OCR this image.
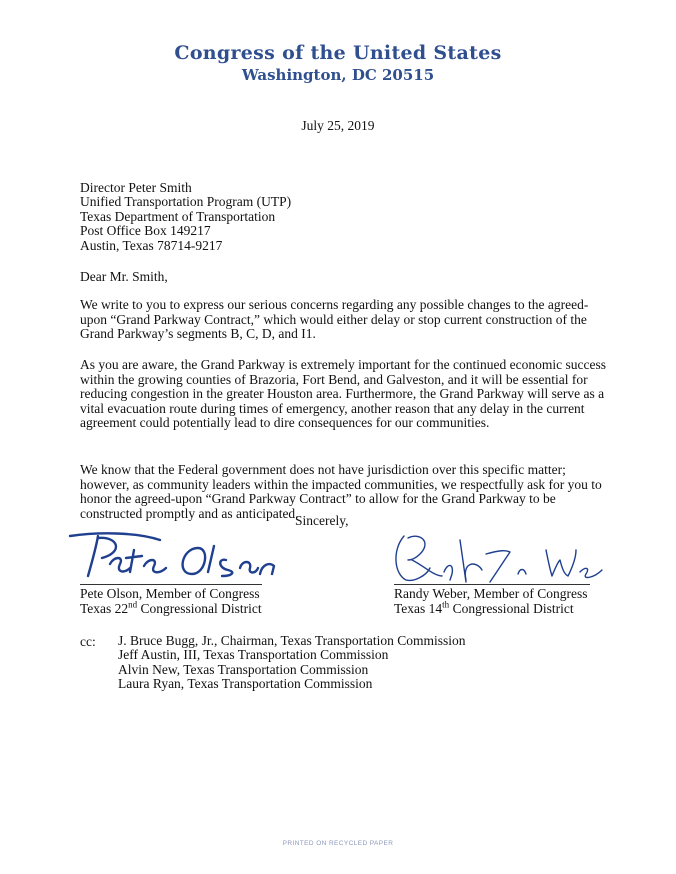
Congress of the United States
Washington, DC 20515
July 25, 2019
Director Peter Smith
Unified Transportation Program (UTP)
Texas Department of Transportation
Post Office Box 149217
Austin, Texas 78714-9217
Dear Mr. Smith,
We write to you to express our serious concerns regarding any possible changes to the agreed-upon “Grand Parkway Contract,” which would either delay or stop current construction of the Grand Parkway’s segments B, C, D, and I1.
As you are aware, the Grand Parkway is extremely important for the continued economic success within the growing counties of Brazoria, Fort Bend, and Galveston, and it will be essential for reducing congestion in the greater Houston area. Furthermore, the Grand Parkway will serve as a vital evacuation route during times of emergency, another reason that any delay in the current agreement could potentially lead to dire consequences for our communities.
We know that the Federal government does not have jurisdiction over this specific matter; however, as community leaders within the impacted communities, we respectfully ask for you to honor the agreed-upon “Grand Parkway Contract” to allow for the Grand Parkway to be constructed promptly and as anticipated.
Sincerely,
Pete Olson, Member of Congress
Texas 22nd Congressional District
Randy Weber, Member of Congress
Texas 14th Congressional District
cc: J. Bruce Bugg, Jr., Chairman, Texas Transportation Commission
Jeff Austin, III, Texas Transportation Commission
Alvin New, Texas Transportation Commission
Laura Ryan, Texas Transportation Commission
PRINTED ON RECYCLED PAPER
